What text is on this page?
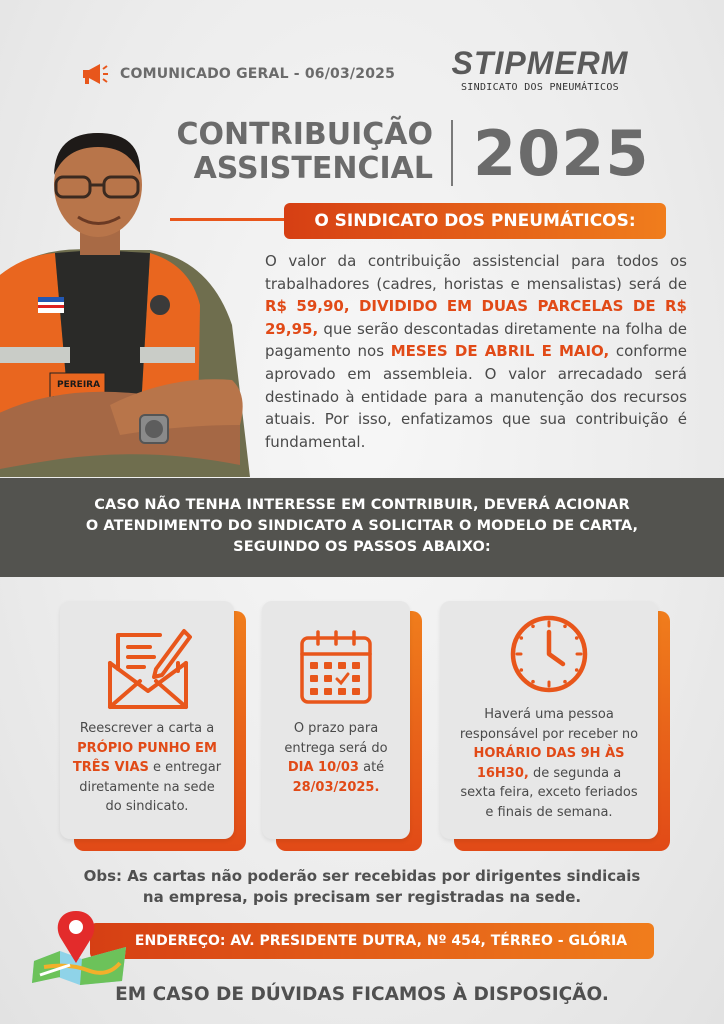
COMUNICADO GERAL - 06/03/2025	STIPMERM
SINDICATO DOS PNEUMÁTICOS
CONTRIBUIÇÃO
ASSISTENCIAL 2025
PEREIRA
O SINDICATO DOS PNEUMÁTICOS:
O valor da contribuição assistencial para todos os trabalhadores (cadres, horistas e mensalistas) será de R$ 59,90, DIVIDIDO EM DUAS PARCELAS DE R$ 29,95, que serão descontadas diretamente na folha de pagamento nos MESES DE ABRIL E MAIO, conforme aprovado em assembleia. O valor arrecadado será destinado à entidade para a manutenção dos recursos atuais. Por isso, enfatizamos que sua contribuição é fundamental.
CASO NÃO TENHA INTERESSE EM CONTRIBUIR, DEVERÁ ACIONAR
O ATENDIMENTO DO SINDICATO A SOLICITAR O MODELO DE CARTA,
SEGUINDO OS PASSOS ABAIXO:
Reescrever a carta a
PRÓPIO PUNHO EM TRÊS VIAS e entregar diretamente na sede do sindicato.
O prazo para entrega será do
DIA 10/03 até
28/03/2025.
Haverá uma pessoa responsável por receber no HORÁRIO DAS 9H ÀS 16H30, de segunda a sexta feira, exceto feriados e finais de semana.
Obs: As cartas não poderão ser recebidas por dirigentes sindicais
na empresa, pois precisam ser registradas na sede.
ENDEREÇO: AV. PRESIDENTE DUTRA, Nº 454, TÉRREO - GLÓRIA
EM CASO DE DÚVIDAS FICAMOS À DISPOSIÇÃO.
